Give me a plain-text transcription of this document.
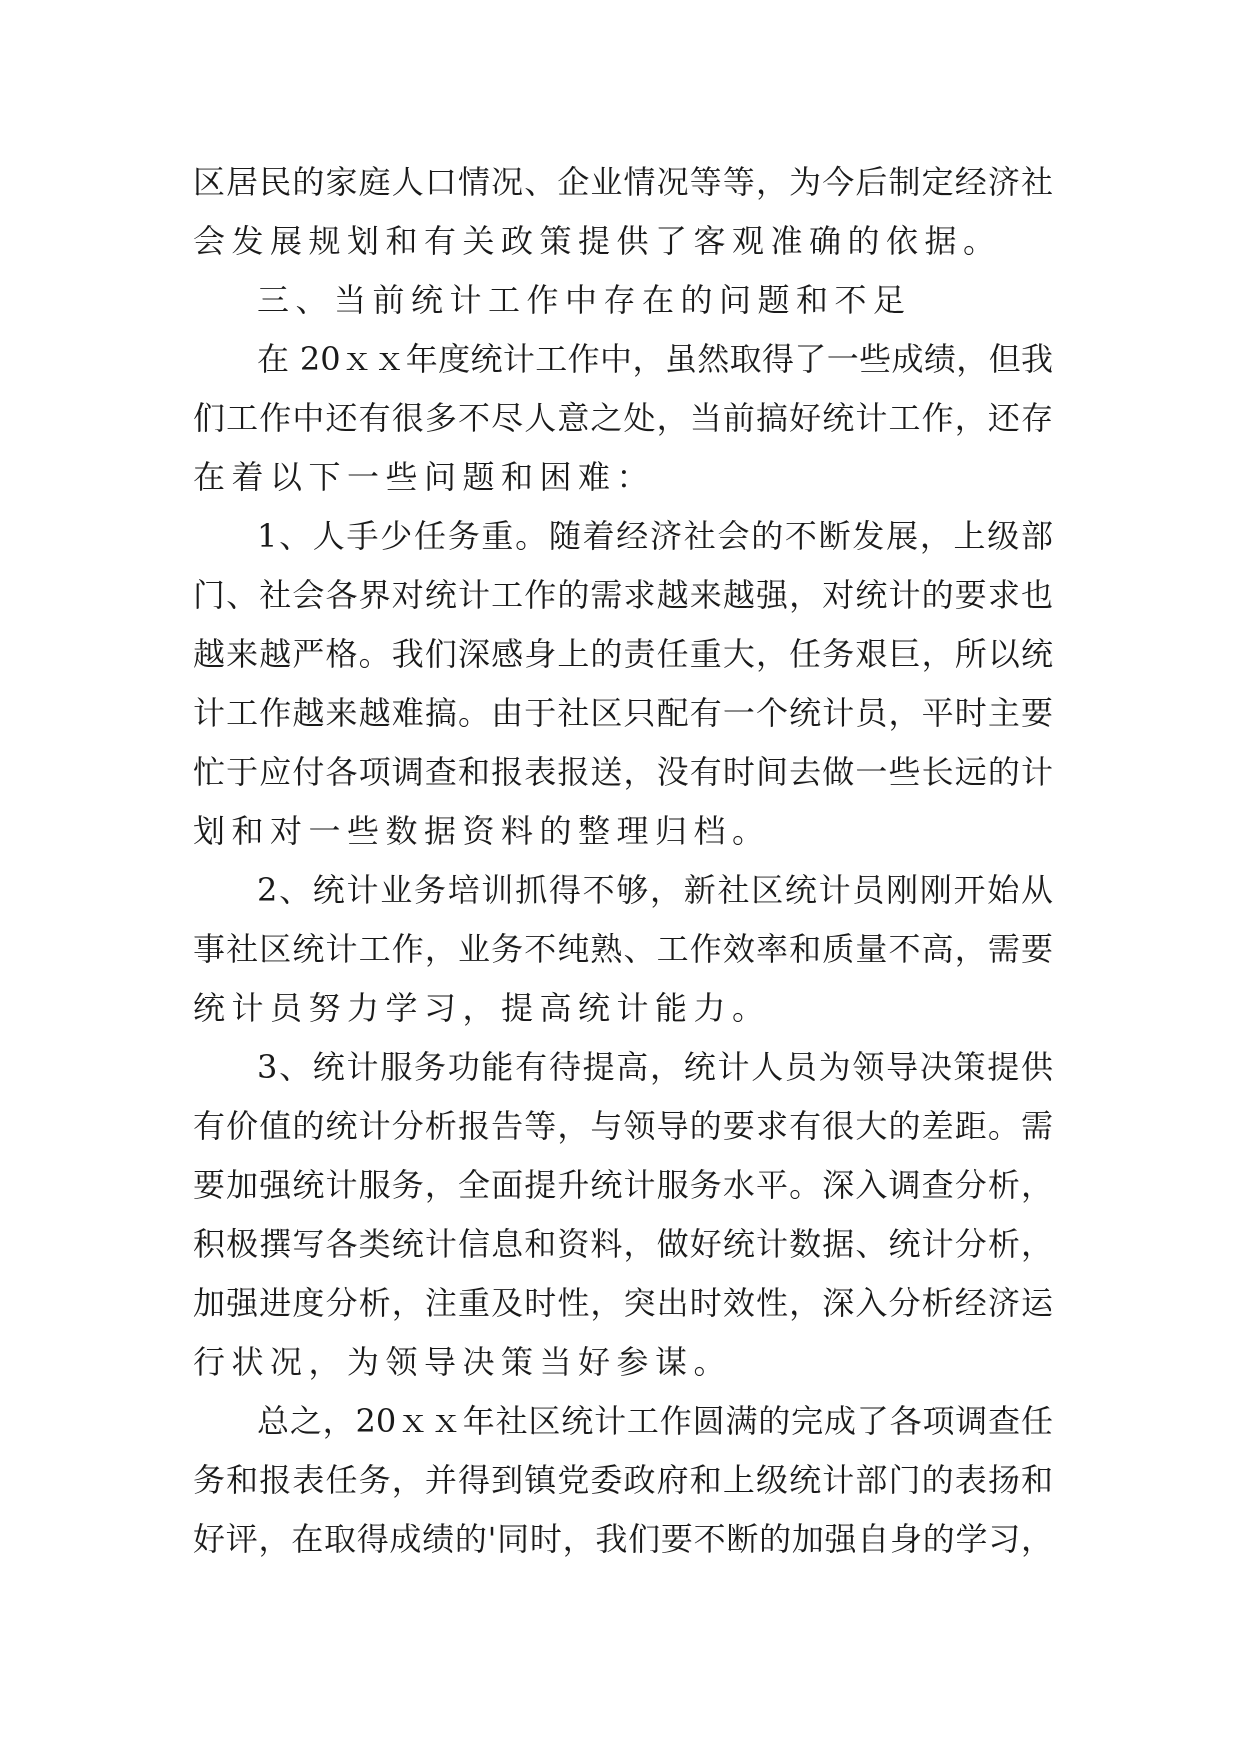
区居民的家庭人口情况、企业情况等等，为今后制定经济社
会发展规划和有关政策提供了客观准确的依据。
三、当前统计工作中存在的问题和不足
在 20ｘｘ年度统计工作中，虽然取得了一些成绩，但我
们工作中还有很多不尽人意之处，当前搞好统计工作，还存
在着以下一些问题和困难：
1、人手少任务重。随着经济社会的不断发展，上级部
门、社会各界对统计工作的需求越来越强，对统计的要求也
越来越严格。我们深感身上的责任重大，任务艰巨，所以统
计工作越来越难搞。由于社区只配有一个统计员，平时主要
忙于应付各项调查和报表报送，没有时间去做一些长远的计
划和对一些数据资料的整理归档。
2、统计业务培训抓得不够，新社区统计员刚刚开始从
事社区统计工作，业务不纯熟、工作效率和质量不高，需要
统计员努力学习，提高统计能力。
3、统计服务功能有待提高，统计人员为领导决策提供
有价值的统计分析报告等，与领导的要求有很大的差距。需
要加强统计服务，全面提升统计服务水平。深入调查分析，
积极撰写各类统计信息和资料，做好统计数据、统计分析，
加强进度分析，注重及时性，突出时效性，深入分析经济运
行状况，为领导决策当好参谋。
总之，20ｘｘ年社区统计工作圆满的完成了各项调查任
务和报表任务，并得到镇党委政府和上级统计部门的表扬和
好评，在取得成绩的'同时，我们要不断的加强自身的学习，
